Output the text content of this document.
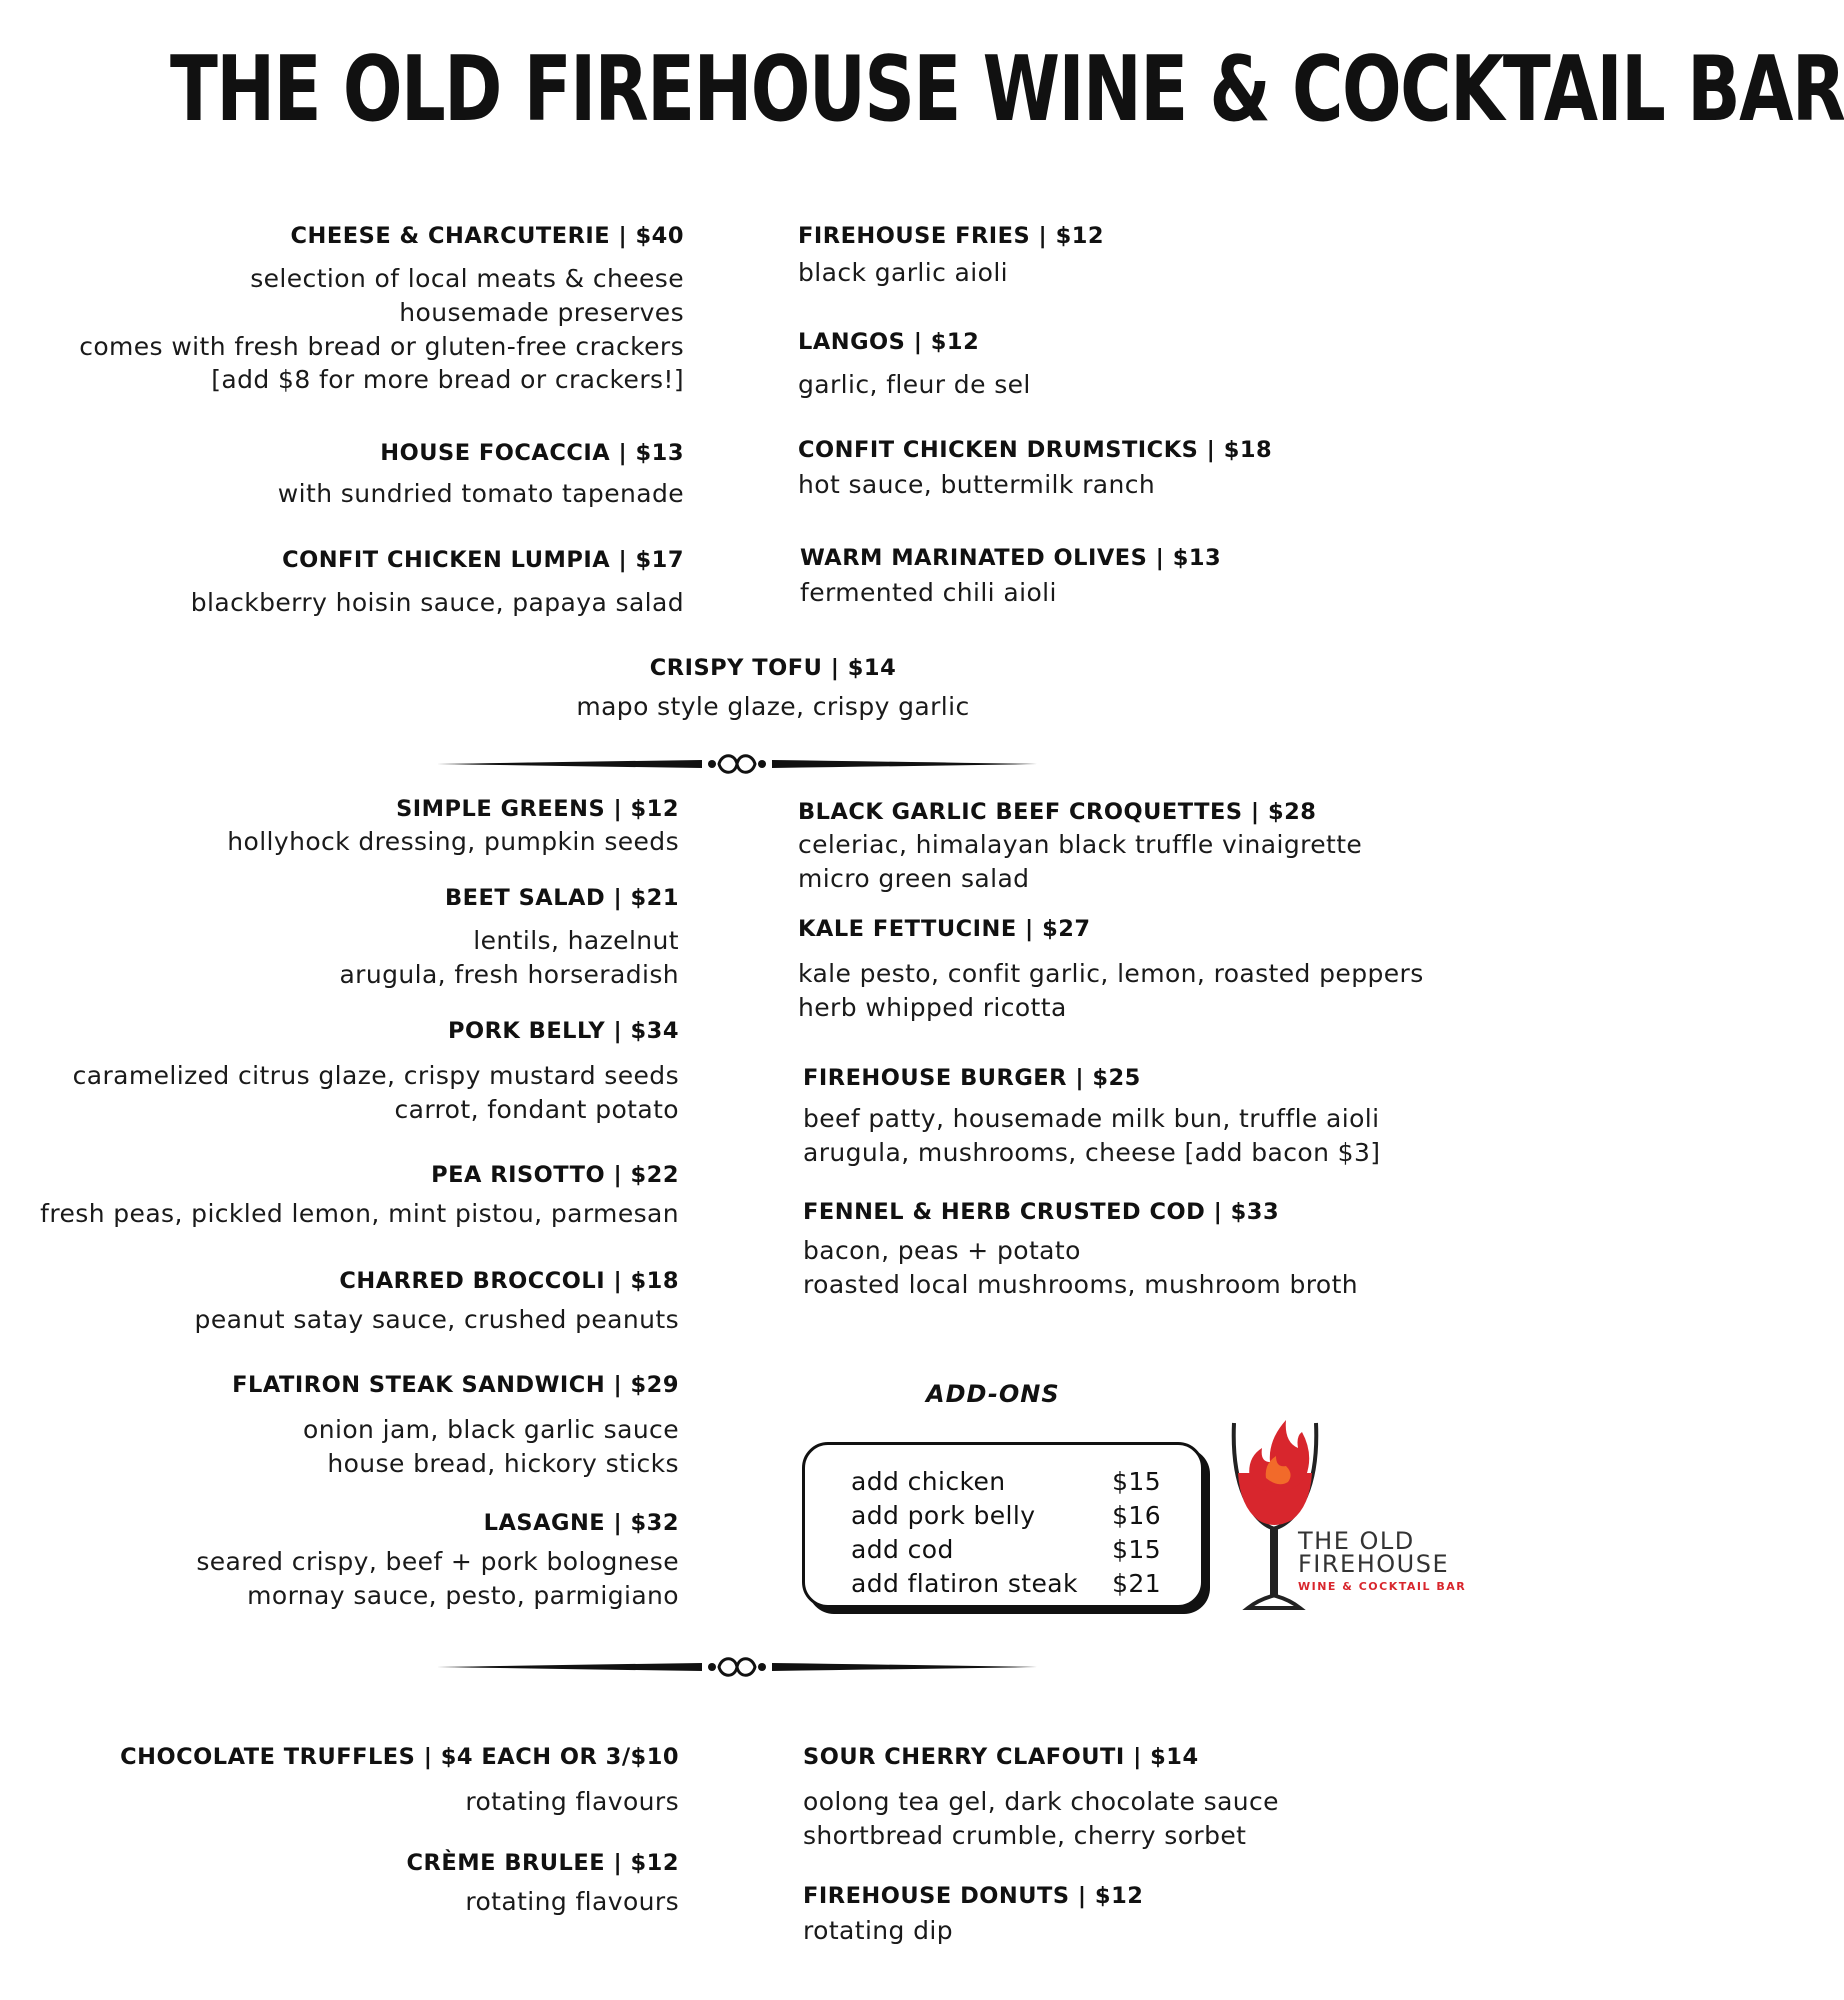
THE OLD FIREHOUSE WINE & COCKTAIL BAR

CHEESE & CHARCUTERIE | $40

selection of local meats & cheese
housemade preserves
comes with fresh bread or gluten-free crackers
[add $8 for more bread or crackers!]

HOUSE FOCACCIA | $13

with sundried tomato tapenade

CONFIT CHICKEN LUMPIA | $17

blackberry hoisin sauce, papaya salad

FIREHOUSE FRIES | $12

black garlic aioli

LANGOS | $12

garlic, fleur de sel

CONFIT CHICKEN DRUMSTICKS | $18

hot sauce, buttermilk ranch

WARM MARINATED OLIVES | $13

fermented chili aioli

CRISPY TOFU | $14

mapo style glaze, crispy garlic

SIMPLE GREENS | $12

hollyhock dressing, pumpkin seeds

BEET SALAD | $21

lentils, hazelnut
arugula, fresh horseradish

PORK BELLY | $34

caramelized citrus glaze, crispy mustard seeds
carrot, fondant potato

PEA RISOTTO | $22

fresh peas, pickled lemon, mint pistou, parmesan

CHARRED BROCCOLI | $18

peanut satay sauce, crushed peanuts

FLATIRON STEAK SANDWICH | $29

onion jam, black garlic sauce
house bread, hickory sticks

LASAGNE | $32

seared crispy, beef + pork bolognese
mornay sauce, pesto, parmigiano

BLACK GARLIC BEEF CROQUETTES | $28

celeriac, himalayan black truffle vinaigrette
micro green salad

KALE FETTUCINE | $27

kale pesto, confit garlic, lemon, roasted peppers
herb whipped ricotta

FIREHOUSE BURGER | $25

beef patty, housemade milk bun, truffle aioli
arugula, mushrooms, cheese [add bacon $3]

FENNEL & HERB CRUSTED COD | $33

bacon, peas + potato
roasted local mushrooms, mushroom broth

ADD-ONS
add chicken	$15
add pork belly	$16
add cod	$15
add flatiron steak $21
THE OLD
FIREHOUSE
WINE & COCKTAIL BAR

CHOCOLATE TRUFFLES | $4 EACH OR 3/$10

rotating flavours

CRÈME BRULEE | $12

rotating flavours

SOUR CHERRY CLAFOUTI | $14

oolong tea gel, dark chocolate sauce
shortbread crumble, cherry sorbet

FIREHOUSE DONUTS | $12

rotating dip
